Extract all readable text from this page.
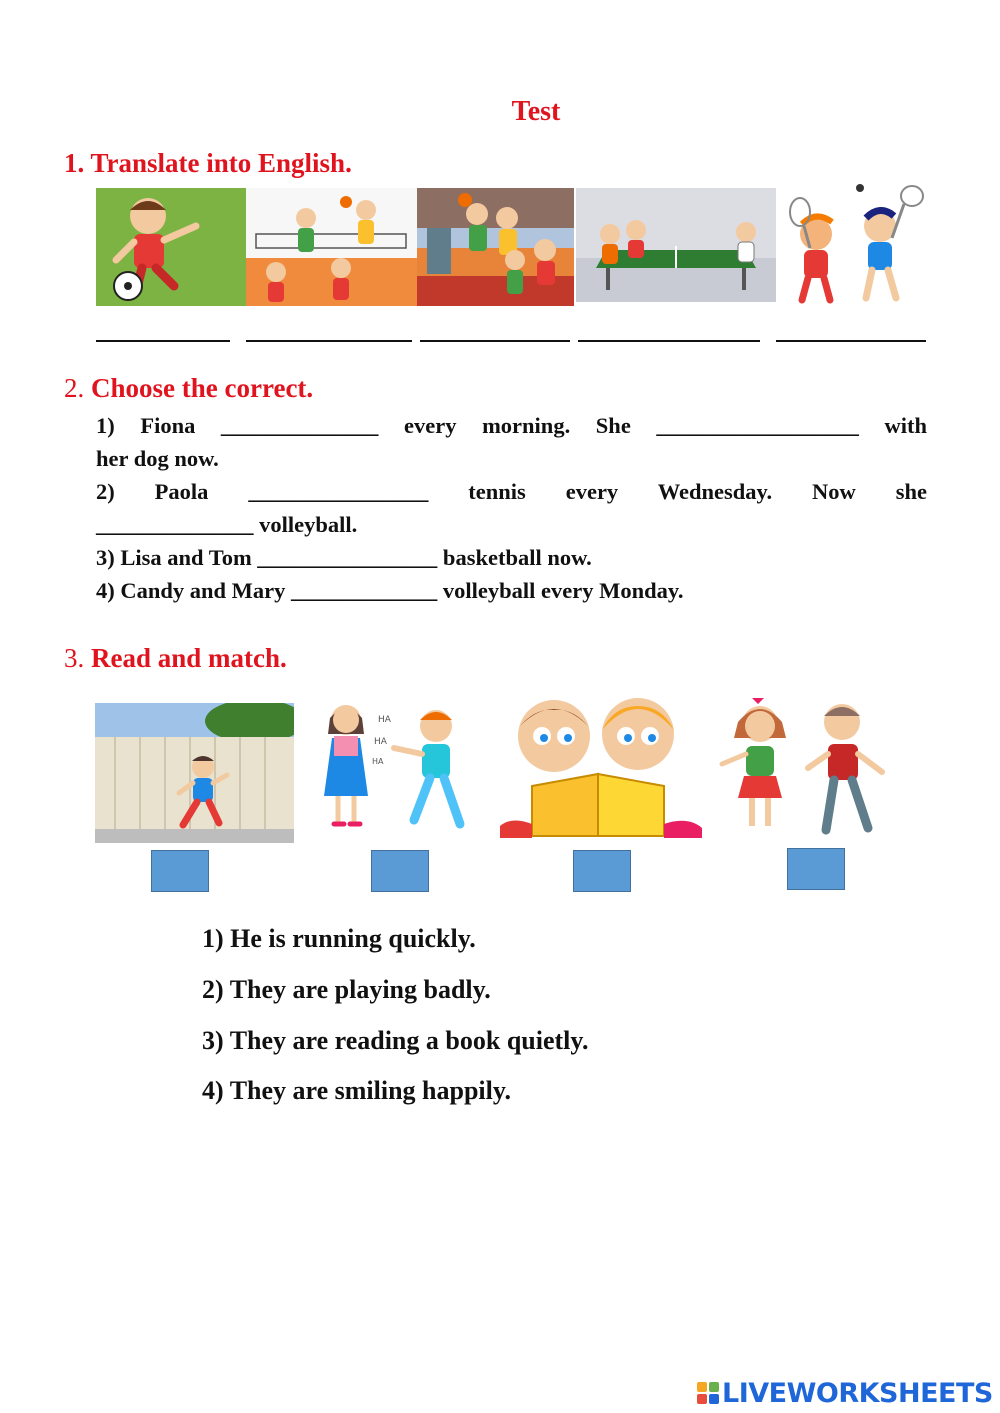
Test
1. Translate into English.
2. Choose the correct.
1) Fiona ______________ every morning. She __________________ with
her dog now.
2) Paola ________________ tennis every Wednesday. Now she
______________ volleyball.
3) Lisa and Tom ________________ basketball now.
4) Candy and Mary _____________ volleyball every Monday.
3. Read and match.
HA
HA
HA
1) He is running quickly.
2) They are playing badly.
3) They are reading a book quietly.
4) They are smiling happily.
LIVEWORKSHEETS
